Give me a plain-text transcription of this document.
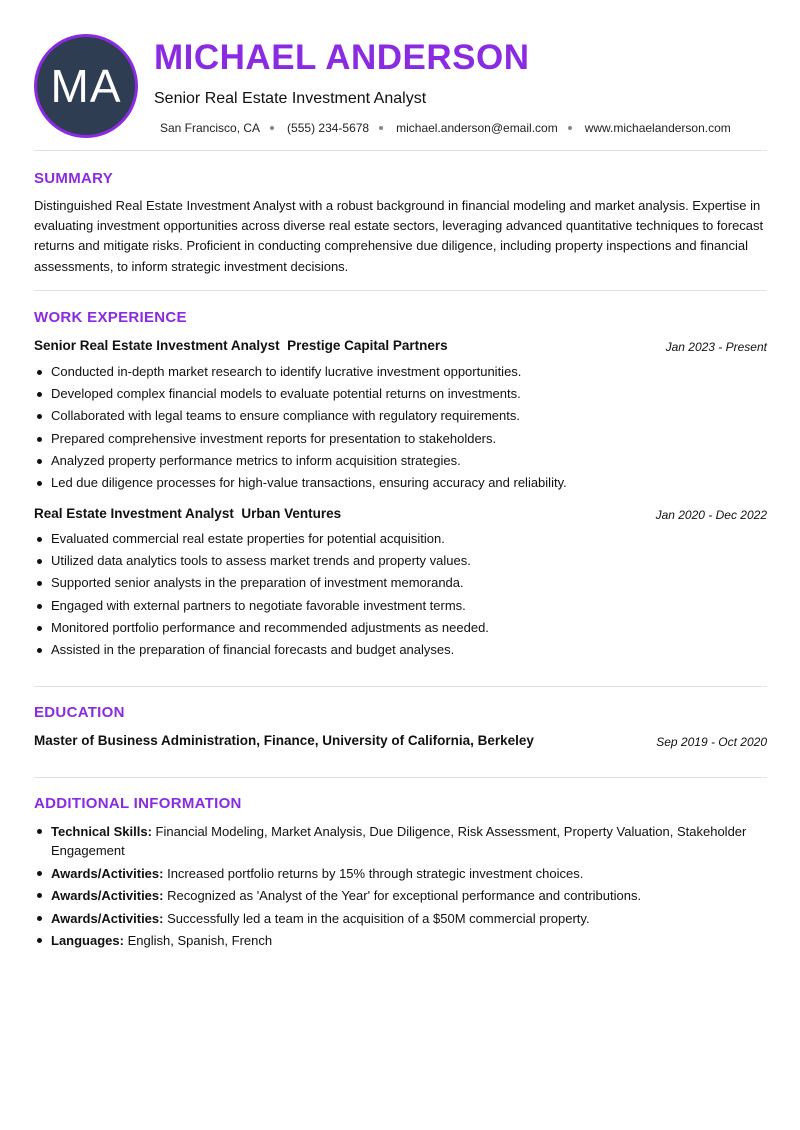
MA
MICHAEL ANDERSON
Senior Real Estate Investment Analyst
San Francisco, CA (555) 234-5678 michael.anderson@email.com www.michaelanderson.com
SUMMARY
Distinguished Real Estate Investment Analyst with a robust background in financial modeling and market analysis. Expertise in evaluating investment opportunities across diverse real estate sectors, leveraging advanced quantitative techniques to forecast returns and mitigate risks. Proficient in conducting comprehensive due diligence, including property inspections and financial assessments, to inform strategic investment decisions.
WORK EXPERIENCE
Senior Real Estate Investment Analyst Prestige Capital Partners	Jan 2023 - Present
Conducted in-depth market research to identify lucrative investment opportunities.
Developed complex financial models to evaluate potential returns on investments.
Collaborated with legal teams to ensure compliance with regulatory requirements.
Prepared comprehensive investment reports for presentation to stakeholders.
Analyzed property performance metrics to inform acquisition strategies.
Led due diligence processes for high-value transactions, ensuring accuracy and reliability.
Real Estate Investment Analyst Urban Ventures	Jan 2020 - Dec 2022
Evaluated commercial real estate properties for potential acquisition.
Utilized data analytics tools to assess market trends and property values.
Supported senior analysts in the preparation of investment memoranda.
Engaged with external partners to negotiate favorable investment terms.
Monitored portfolio performance and recommended adjustments as needed.
Assisted in the preparation of financial forecasts and budget analyses.
EDUCATION
Master of Business Administration, Finance, University of California, Berkeley	Sep 2019 - Oct 2020
ADDITIONAL INFORMATION
Technical Skills: Financial Modeling, Market Analysis, Due Diligence, Risk Assessment, Property Valuation, Stakeholder Engagement
Awards/Activities: Increased portfolio returns by 15% through strategic investment choices.
Awards/Activities: Recognized as 'Analyst of the Year' for exceptional performance and contributions.
Awards/Activities: Successfully led a team in the acquisition of a $50M commercial property.
Languages: English, Spanish, French
